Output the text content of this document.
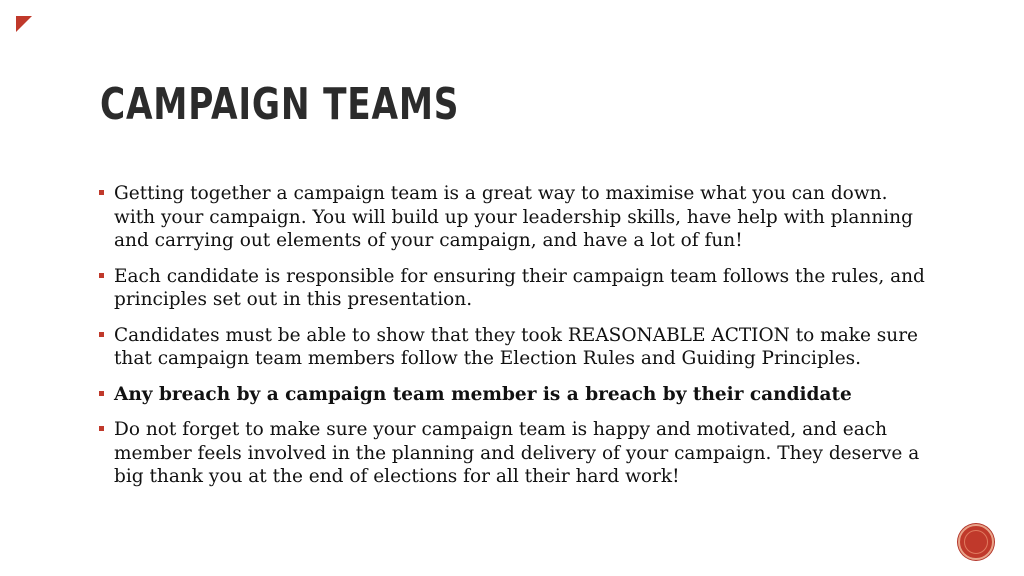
CAMPAIGN TEAMS
Getting together a campaign team is a great way to maximise what you can down. with your campaign. You will build up your leadership skills, have help with planning and carrying out elements of your campaign, and have a lot of fun!
Each candidate is responsible for ensuring their campaign team follows the rules, and principles set out in this presentation.
Candidates must be able to show that they took REASONABLE ACTION to make sure that campaign team members follow the Election Rules and Guiding Principles.
Any breach by a campaign team member is a breach by their candidate
Do not forget to make sure your campaign team is happy and motivated, and each member feels involved in the planning and delivery of your campaign. They deserve a big thank you at the end of elections for all their hard work!
